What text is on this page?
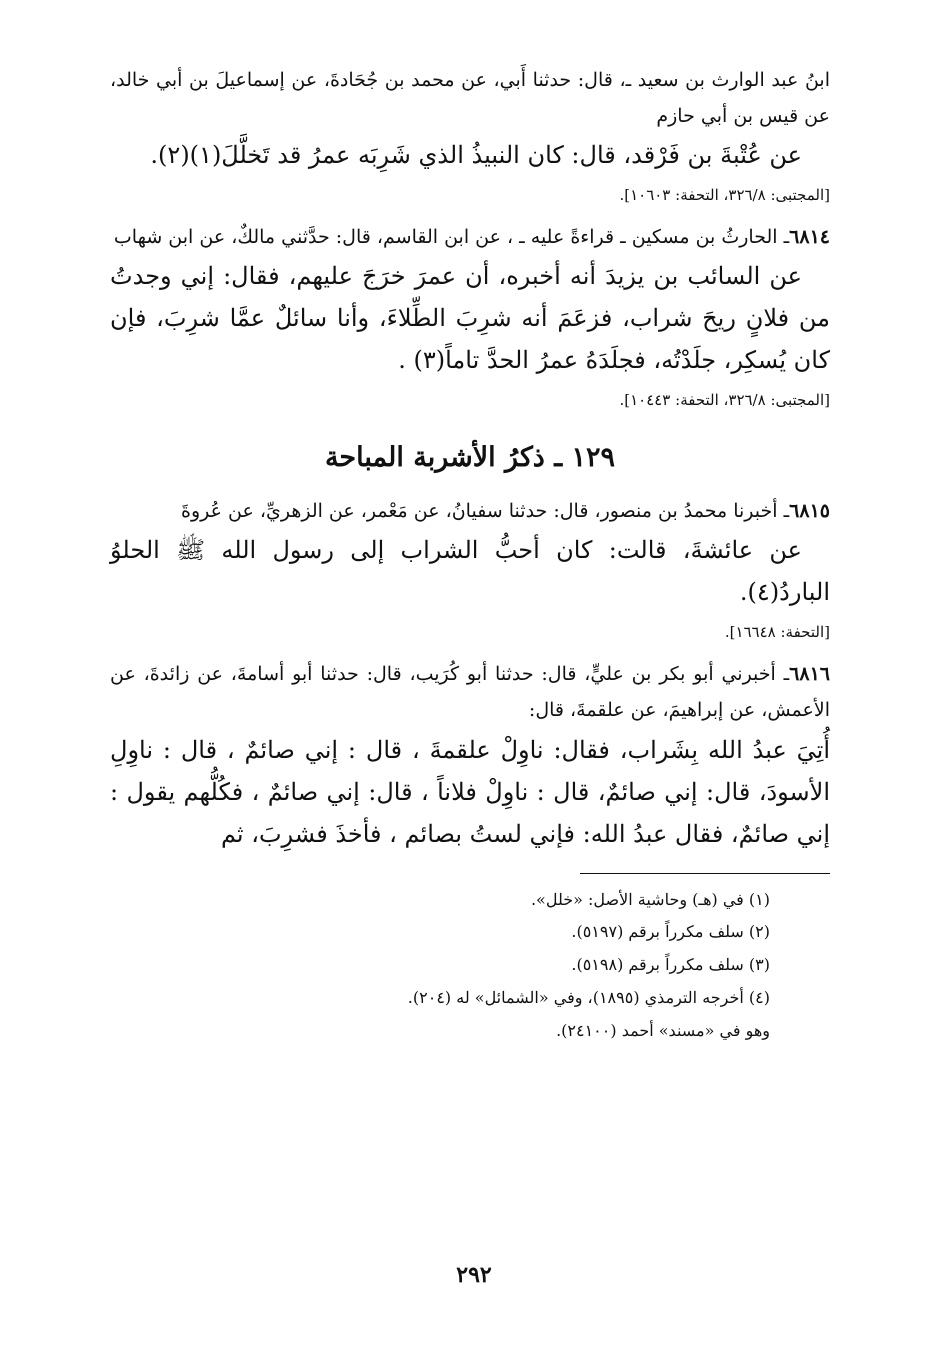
ابنُ عبد الوارث بن سعيد ـ، قال: حدثنا أَبي، عن محمد بن جُحَادةَ، عن إسماعيلَ بن أبي خالد، عن قيس بن أبي حازم

عن عُتْبةَ بن فَرْقد، قال: كان النبيذُ الذي شَرِبَه عمرُ قد تَخلَّلَ(١)(٢).

[المجتبى: ٣٢٦/٨، التحفة: ١٠٦٠٣].

٦٨١٤ـ الحارثُ بن مسكين ـ قراءةً عليه ـ ، عن ابن القاسم، قال: حدَّثني مالكٌ، عن ابن شهاب

عن السائب بن يزيدَ أنه أخبره، أن عمرَ خرَجَ عليهم، فقال: إني وجدتُ من فلانٍ ريحَ شراب، فزعَمَ أنه شرِبَ الطِّلاءَ، وأنا سائلٌ عمَّا شرِبَ، فإن كان يُسكِر، جلَدْتُه، فجلَدَهُ عمرُ الحدَّ تاماً(٣) .

[المجتبى: ٣٢٦/٨، التحفة: ١٠٤٤٣].

١٢٩ ـ ذكرُ الأشربة المباحة

٦٨١٥ـ أخبرنا محمدُ بن منصور، قال: حدثنا سفيانُ، عن مَعْمر، عن الزهريِّ، عن عُروةَ

عن عائشةَ، قالت: كان أحبُّ الشراب إلى رسول الله ﷺ الحلوُ الباردُ(٤).

[التحفة: ١٦٦٤٨].

٦٨١٦ـ أخبرني أبو بكر بن عليٍّ، قال: حدثنا أبو كُرَيب، قال: حدثنا أبو أسامةَ، عن زائدةَ، عن الأعمش، عن إبراهيمَ، عن علقمةَ، قال:

أُتِيَ عبدُ الله بِشَراب، فقال: ناوِلْ علقمةَ ، قال : إني صائمٌ ، قال : ناوِلِ الأسودَ، قال: إني صائمٌ، قال : ناوِلْ فلاناً ، قال: إني صائمٌ ، فكُلُّهم يقول : إني صائمٌ، فقال عبدُ الله: فإني لستُ بصائم ، فأخذَ فشرِبَ، ثم

(١) في (هـ) وحاشية الأصل: «خلل».
(٢) سلف مكرراً برقم (٥١٩٧).
(٣) سلف مكرراً برقم (٥١٩٨).
(٤) أخرجه الترمذي (١٨٩٥)، وفي «الشمائل» له (٢٠٤).
وهو في «مسند» أحمد (٢٤١٠٠).
٢٩٢
